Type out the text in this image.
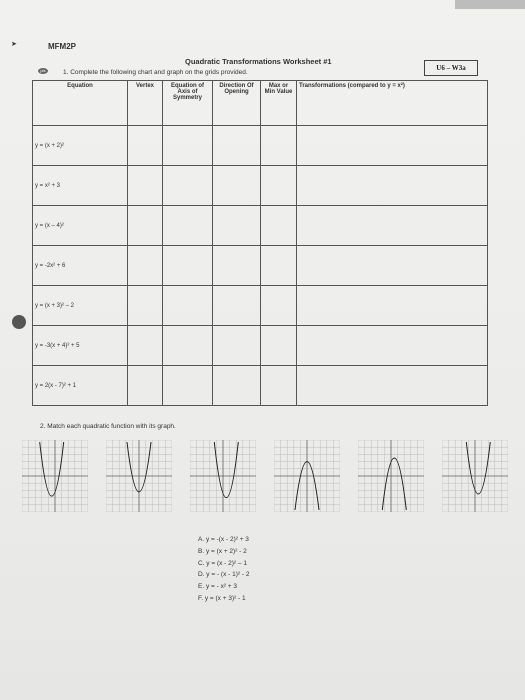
➤	MFM2P
Quadratic Transformations Worksheet #1
U6 – W3a
pts	1. Complete the following chart and graph on the grids provided.
Equation	Vertex	Equation of Axis of Symmetry	Direction Of Opening	Max or Min Value	Transformations (compared to y = x²)
y = (x + 2)²					
y = x² + 3					
y = (x – 4)²					
y = -2x² + 6					
y = (x + 3)² – 2					
y = -3(x + 4)² + 5					
y = 2(x - 7)² + 1					
2. Match each quadratic function with its graph.
A. y = -(x - 2)² + 3
B. y = (x + 2)² - 2
C. y = (x - 2)² – 1
D. y = - (x - 1)² - 2
E. y = - x² + 3
F. y = (x + 3)² - 1
